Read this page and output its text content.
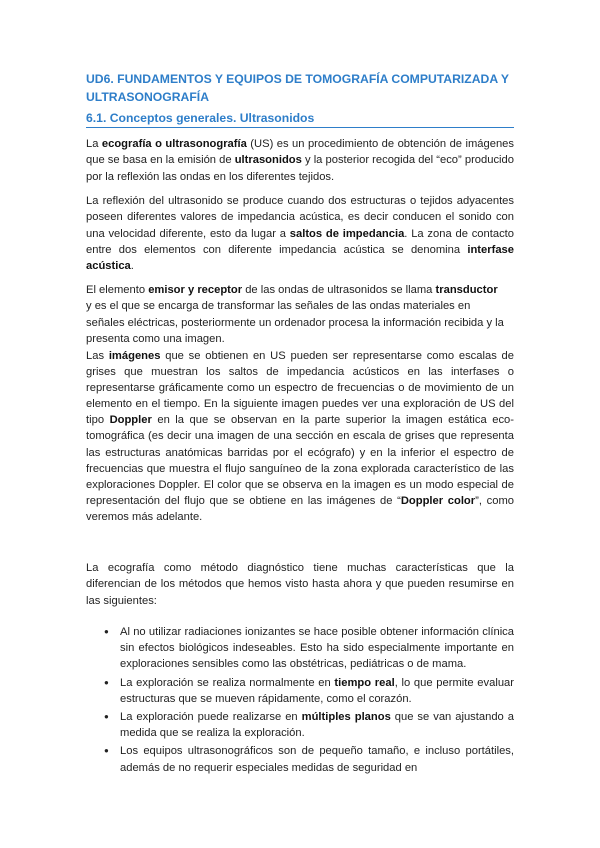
UD6. FUNDAMENTOS Y EQUIPOS DE TOMOGRAFÍA COMPUTARIZADA Y ULTRASONOGRAFÍA
6.1. Conceptos generales. Ultrasonidos

La ecografía o ultrasonografía (US) es un procedimiento de obtención de imágenes que se basa en la emisión de ultrasonidos y la posterior recogida del “eco” producido por la reflexión las ondas en los diferentes tejidos.

La reflexión del ultrasonido se produce cuando dos estructuras o tejidos adyacentes poseen diferentes valores de impedancia acústica, es decir conducen el sonido con una velocidad diferente, esto da lugar a saltos de impedancia. La zona de contacto entre dos elementos con diferente impedancia acústica se denomina interfase acústica.

El elemento emisor y receptor de las ondas de ultrasonidos se llama transductor y es el que se encarga de transformar las señales de las ondas materiales en señales eléctricas, posteriormente un ordenador procesa la información recibida y la presenta como una imagen.

Las imágenes que se obtienen en US pueden ser representarse como escalas de grises que muestran los saltos de impedancia acústicos en las interfases o representarse gráficamente como un espectro de frecuencias o de movimiento de un elemento en el tiempo. En la siguiente imagen puedes ver una exploración de US del tipo Doppler en la que se observan en la parte superior la imagen estática eco-tomográfica (es decir una imagen de una sección en escala de grises que representa las estructuras anatómicas barridas por el ecógrafo) y en la inferior el espectro de frecuencias que muestra el flujo sanguíneo de la zona explorada característico de las exploraciones Doppler. El color que se observa en la imagen es un modo especial de representación del flujo que se obtiene en las imágenes de “Doppler color”, como veremos más adelante.

La ecografía como método diagnóstico tiene muchas características que la diferencian de los métodos que hemos visto hasta ahora y que pueden resumirse en las siguientes:

● Al no utilizar radiaciones ionizantes se hace posible obtener información clínica sin efectos biológicos indeseables. Esto ha sido especialmente importante en exploraciones sensibles como las obstétricas, pediátricas o de mama.
● La exploración se realiza normalmente en tiempo real, lo que permite evaluar estructuras que se mueven rápidamente, como el corazón.
● La exploración puede realizarse en múltiples planos que se van ajustando a medida que se realiza la exploración.
● Los equipos ultrasonográficos son de pequeño tamaño, e incluso portátiles, además de no requerir especiales medidas de seguridad en
